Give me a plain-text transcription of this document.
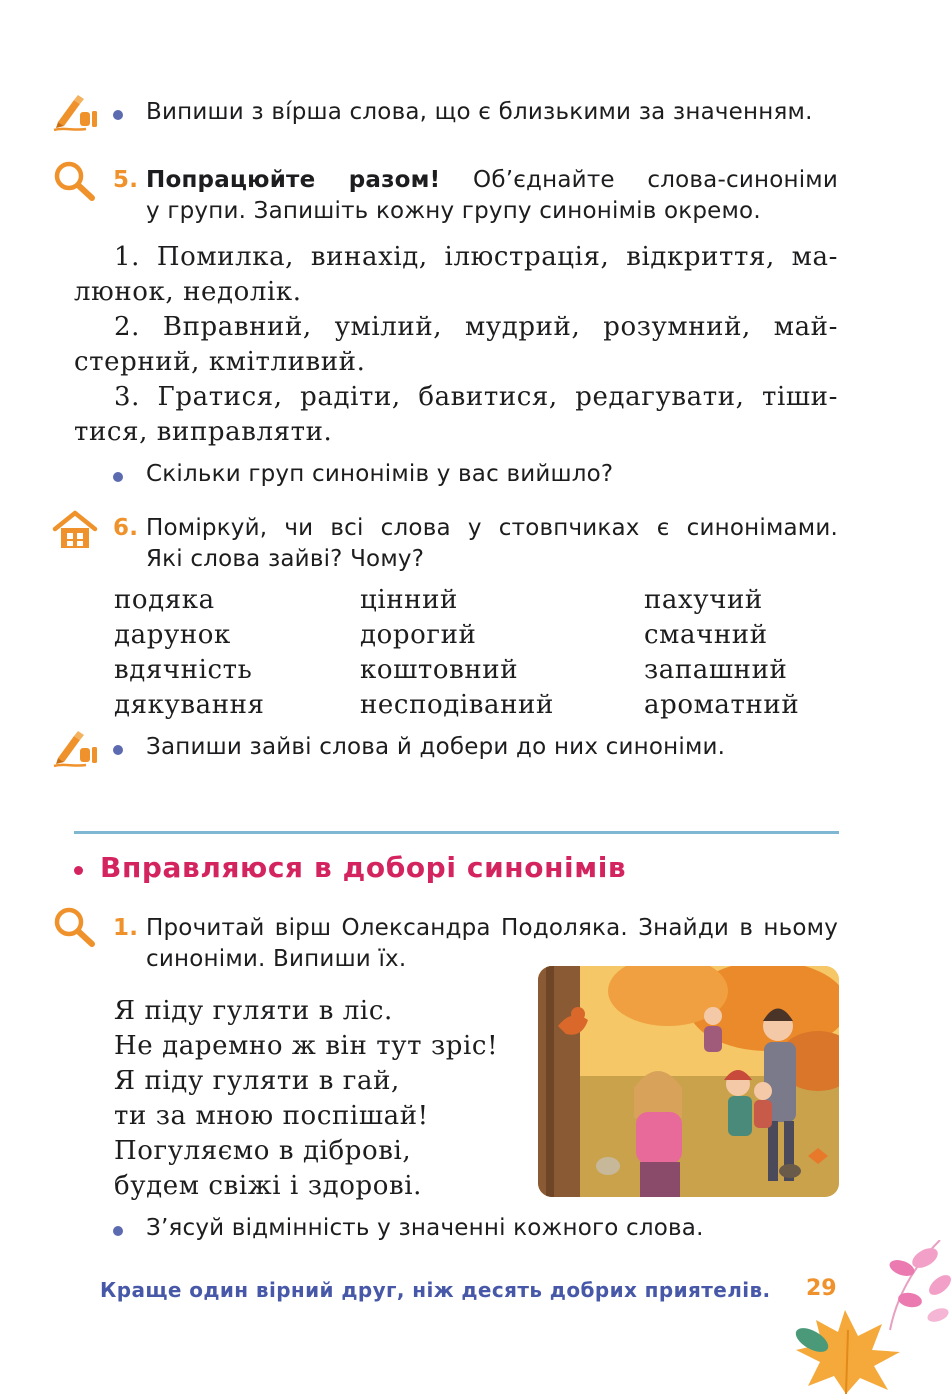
Випиши з вíрша слова, що є близькими за значенням.
5. Попрацюйте разом! Об’єднайте слова-синоніми
у групи. Запишіть кожну групу синонімів окремо.
1. Помилка, винахід, ілюстрація, відкриття, ма-
люнок, недолік.
2. Вправний, умілий, мудрий, розумний, май-
стерний, кмітливий.
3. Гратися, радіти, бавитися, редагувати, тіши-
тися, виправляти.
Скільки груп синонімів у вас вийшло?
6. Поміркуй, чи всі слова у стовпчиках є синонімами.
Які слова зайві? Чому?
подяка
дарунок
вдячність
дякування
цінний
дорогий
коштовний
несподіваний
пахучий
смачний
запашний
ароматний
Запиши зайві слова й добери до них синоніми.
Вправляюся в доборі синонімів
1. Прочитай вірш Олександра Подоляка. Знайди в ньому
синоніми. Випиши їх.
Я піду гуляти в ліс.
Не даремно ж він тут зріс!
Я піду гуляти в гай,
ти за мною поспішай!
Погуляємо в діброві,
будем свіжі і здорові.
З’ясуй відмінність у значенні кожного слова.
Краще один вірний друг, ніж десять добрих приятелів. 29
